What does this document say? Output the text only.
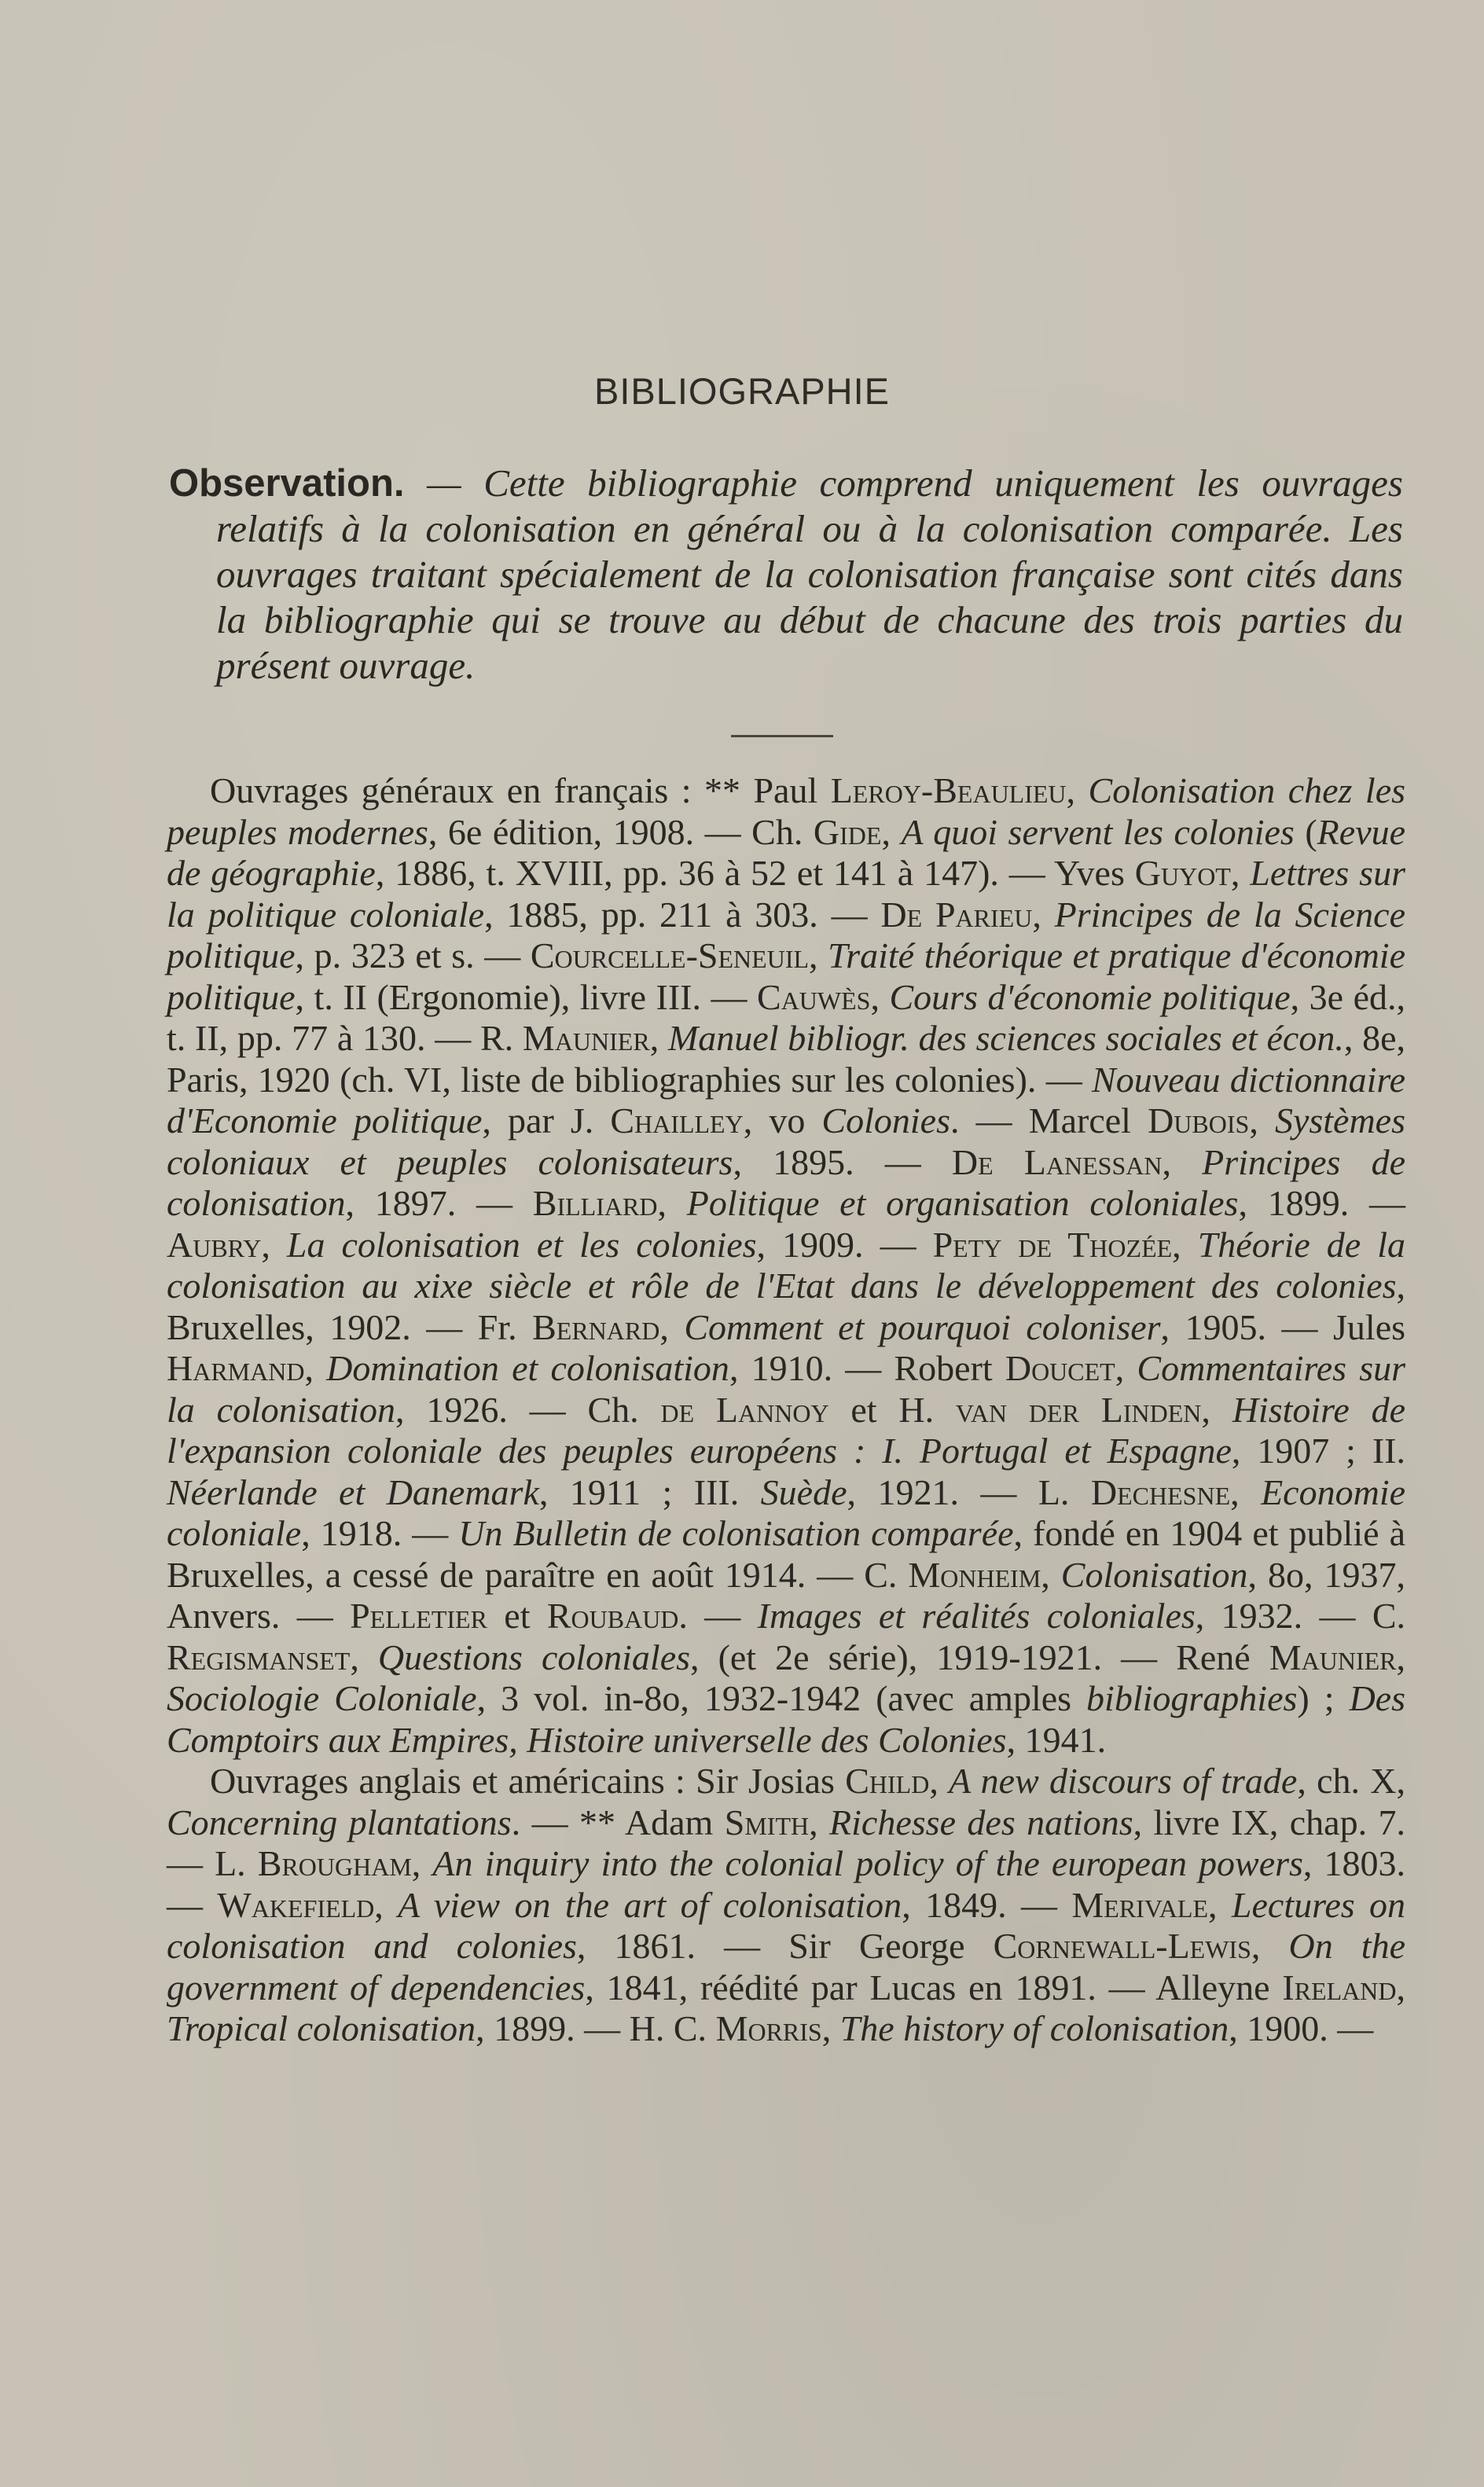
BIBLIOGRAPHIE
Observation. — Cette bibliographie comprend uniquement les ouvrages relatifs à la colonisation en général ou à la colonisation comparée. Les ouvrages traitant spécialement de la colonisation française sont cités dans la bibliographie qui se trouve au début de chacune des trois parties du présent ouvrage.

Ouvrages généraux en français : ** Paul Leroy-Beaulieu, Colonisation chez les peuples modernes, 6e édition, 1908. — Ch. Gide, A quoi servent les colonies (Revue de géographie, 1886, t. XVIII, pp. 36 à 52 et 141 à 147). — Yves Guyot, Lettres sur la politique coloniale, 1885, pp. 211 à 303. — De Parieu, Principes de la Science politique, p. 323 et s. — Courcelle-Seneuil, Traité théorique et pratique d'économie politique, t. II (Ergonomie), livre III. — Cauwès, Cours d'économie politique, 3e éd., t. II, pp. 77 à 130. — R. Maunier, Manuel bibliogr. des sciences sociales et écon., 8e, Paris, 1920 (ch. VI, liste de bibliographies sur les colonies). — Nouveau dictionnaire d'Economie politique, par J. Chailley, vo Colonies. — Marcel Dubois, Systèmes coloniaux et peuples colonisateurs, 1895. — De Lanessan, Principes de colonisation, 1897. — Billiard, Politique et organisation coloniales, 1899. — Aubry, La colonisation et les colonies, 1909. — Pety de Thozée, Théorie de la colonisation au xixe siècle et rôle de l'Etat dans le développement des colonies, Bruxelles, 1902. — Fr. Bernard, Comment et pourquoi coloniser, 1905. — Jules Harmand, Domination et colonisation, 1910. — Robert Doucet, Commentaires sur la colonisation, 1926. — Ch. de Lannoy et H. van der Linden, Histoire de l'expansion coloniale des peuples européens : I. Portugal et Espagne, 1907 ; II. Néerlande et Danemark, 1911 ; III. Suède, 1921. — L. Dechesne, Economie coloniale, 1918. — Un Bulletin de colonisation comparée, fondé en 1904 et publié à Bruxelles, a cessé de paraître en août 1914. — C. Monheim, Colonisation, 8o, 1937, Anvers. — Pelletier et Roubaud. — Images et réalités coloniales, 1932. — C. Regismanset, Questions coloniales, (et 2e série), 1919-1921. — René Maunier, Sociologie Coloniale, 3 vol. in-8o, 1932-1942 (avec amples bibliographies) ; Des Comptoirs aux Empires, Histoire universelle des Colonies, 1941.

Ouvrages anglais et américains : Sir Josias Child, A new discours of trade, ch. X, Concerning plantations. — ** Adam Smith, Richesse des nations, livre IX, chap. 7. — L. Brougham, An inquiry into the colonial policy of the european powers, 1803. — Wakefield, A view on the art of colonisation, 1849. — Merivale, Lectures on colonisation and colonies, 1861. — Sir George Cornewall-Lewis, On the government of dependencies, 1841, réédité par Lucas en 1891. — Alleyne Ireland, Tropical colonisation, 1899. — H. C. Morris, The history of colonisation, 1900. —
